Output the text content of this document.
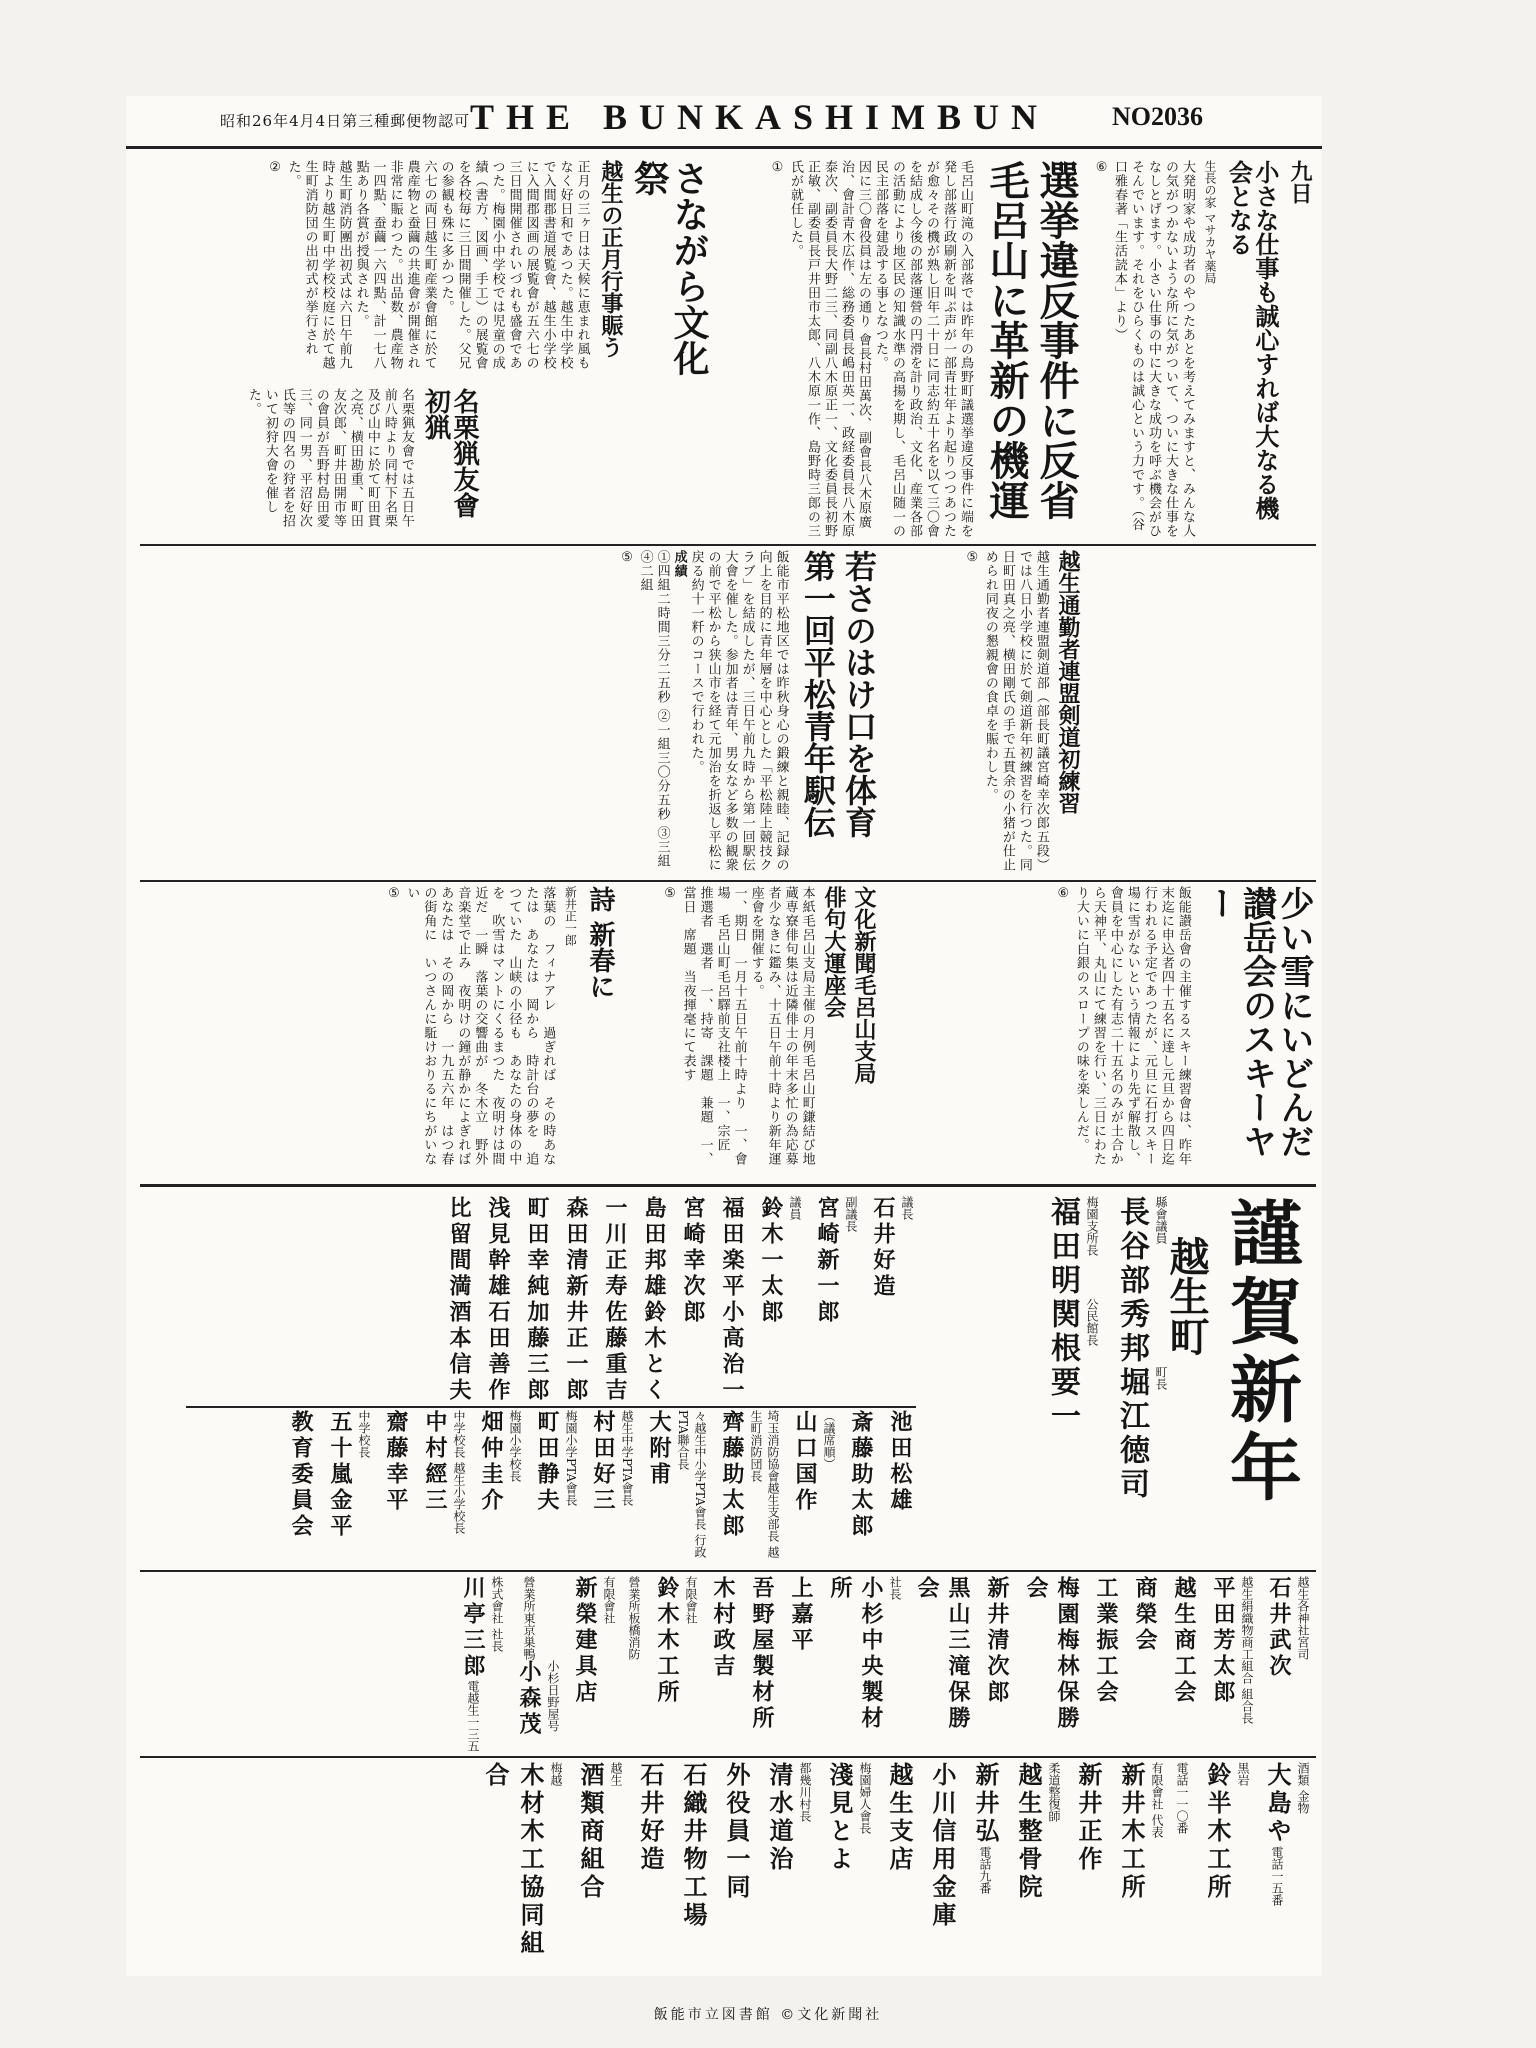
昭和26年4月4日第三種郵便物認可 THE BUNKASHIMBUN NO2036
九日
小さな仕事も誠心すれば大なる機会となる
生長の家 マサカヤ薬局
大発明家や成功者のやつたあとを考えてみますと、みんな人の気がつかないような所に気がついて、ついに大きな仕事をなしとげます。小さい仕事の中に大きな成功を呼ぶ機会がひそんでいます。それをひらくものは誠心という力です。（谷口雅春著「生活読本」より）
⑥
選挙違反事件に反省
毛呂山に革新の機運
毛呂山町滝の入部落では昨年の鳥野町議選挙違反事件に端を発し部落行政刷新を叫ぶ声が一部青壮年より起りつつあつたが愈々その機が熟し旧年二十日に同志約五十名を以て三〇會を結成し今後の部落運營の円滑を計り政治、文化、産業各部の活動により地区民の知識水準の高揚を期し、毛呂山随一の民主部落を建設する事となつた。
因に三〇會役員は左の通り 會長村田萬次、副會長八木原廣治、會計青木広作、総務委員長嶋田英一、政経委員長八木原泰次、副委員長大野二三、同副八木原正一、文化委員長初野正敏、副委員長戸井田市太郎、八木原一作、島野時三郎の三氏が就任した。
①
さながら文化祭
越生の正月行事賑う
正月の三ヶ日は天候に恵まれ風もなく好日和であつた。越生中学校で入間郡書道展覧會、越生小学校に入間郡図画の展覧會が五六七の三日間開催されいづれも盛會であつた。梅園小中学校では児童の成績（書方、図画、手工）の展覧會を各校毎に三日間開催した。父兄の参観も殊に多かつた。
六七の両日越生町産業會館に於て農産物と蚕繭の共進會が開催され非常に賑わつた。出品数、農産物一四點、蚕繭一六四點、計一七八點あり各賞が授與された。
越生町消防團出初式は六日午前九時より越生町中学校校庭に於て越生町消防団の出初式が挙行された。
②
名栗猟友會初猟
名栗猟友會では五日午前八時より同村下名栗及び山中に於て町田貫之亮、横田勘重、町田友次郎、町井田開市等の會員が吾野村島田愛三、同一男、平沼好次氏等の四名の狩者を招いて初狩大會を催した。
越生通勤者連盟剣道初練習
越生通勤者連盟剣道部（部長町議宮崎幸次郎五段）では八日小学校に於て剣道新年初練習を行つた。同日町田真之亮、横田剛氏の手で五貫余の小猪が仕止められ同夜の懇親會の食卓を賑わした。
⑤
若さのはけ口を体育
第一回平松青年駅伝
飯能市平松地区では昨秋身心の鍛練と親睦、記録の向上を目的に青年層を中心とした「平松陸上競技クラブ」を結成したが、三日午前九時から第一回駅伝大會を催した。参加者は青年、男女など多数の観衆の前で平松から狭山市を経て元加治を折返し平松に戻る約十一粁のコースで行われた。
成績
①四組二時間三分二五秒 ②一組三〇分五秒 ③三組 ④二組
⑤
少い雪にいどんだ讃岳会のスキーヤー
飯能讃岳會の主催するスキー練習會は、昨年末迄に申込者四十五名に達し元旦から四日迄行われる予定であつたが、元旦に石打スキー場に雪がないという情報により先ず解散し、會員を中心にした有志二十五名のみが土合から天神平、丸山にて練習を行い、三日にわたり大いに白銀のスロープの味を楽しんだ。
⑥
文化新聞毛呂山支局
俳句大運座会
本紙毛呂山支局主催の月例毛呂山町鎌結び地蔵専寮俳句集は近隣俳士の年末多忙の為応募者少なきに鑑み、十五日午前十時より新年運座會を開催する。
一、期日　一月十五日午前十時より　一、會場　毛呂山町毛呂驛前支社楼上　一、宗匠　推選者　選者　一、持寄　課題　兼題　一、當日　席題　当夜揮毫にて表す
⑤
詩 新春に
新井正一郎
落葉の　フィナアレ　過ぎれば　その時あなたは　あなたは　岡から　時計台の夢を　追つていた　山峡の小径も　あなたの身体の中を　吹雪はマントにくるまつた　夜明けは間近だ　一瞬　落葉の交響曲が　冬木立　野外音楽堂で止み　夜明けの鐘が静かによぎれば　あなたは　その岡から　一九五六年　はつ春の街角に　いつさんに駈けおりるにちがいない
⑤
謹賀新年
越生町
縣會議員
長谷部秀邦
町長
堀江徳司
梅園支所長
福田明
公民館長
関根要一
議長
石井好造
副議長
宮崎新一郎
議員
鈴木一太郎
福田楽平
小高治一
宮崎幸次郎
島田邦雄
鈴木とく
一川正寿
佐藤重吉
森田清
新井正一郎
町田幸純
加藤三郎
浅見幹雄
石田善作
比留間満
酒本信夫
池田松雄
斎藤助太郎
（議席順）
山口国作
埼玉消防協會越生支部長 越生町消防団長
齊藤助太郎
々越生中小学PTA會長 行政PTA聯合長
大附甫
越生中学PTA會長
村田好三
梅園小学PTA會長
町田静夫
梅園小学校長
畑仲圭介
中学校長 越生小学校長
中村經三
齋藤幸平
中学校長
五十嵐金平
教育委員会
越生各神社宮司
石井武次
越生絹織物商工組合 組合長
平田芳太郎
越生商工会
商榮会
工業振工会
梅園梅林保勝会
新井清次郎
黒山三滝保勝会
社長
小杉中央製材所
上嘉平
吾野屋製材所
木村政吉
有限會社
鈴木木工所
營業所板橋消防
有限會社
新榮建具店
營業所東京巣鴨
小杉日野屋号
小森茂
株式會社 社長
川亭三郎
電越生一三五
酒類 金物
大島や
電話一五番
黒岩
鈴半木工所
電話一一〇番
有限會社 代表
新井木工所
新井正作
柔道整復師
越生整骨院
新井弘
電話九番
小川信用金庫
越生支店
梅園婦人會長
淺見とよ
都幾川村長
清水道治
外役員一同
石織井物工場
石井好造
越生
酒類商組合
梅越
木材木工協同組合
飯能市立図書館 ©文化新聞社
